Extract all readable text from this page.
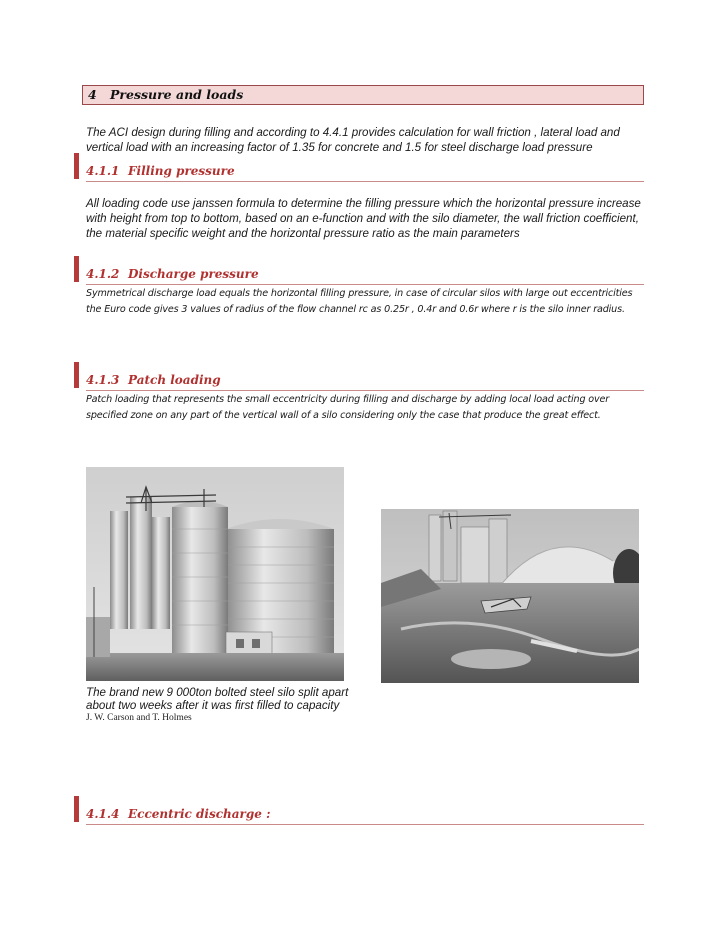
4 Pressure and loads
The ACI design during filling and according to 4.4.1 provides calculation for wall friction , lateral load and vertical load with an increasing factor of 1.35 for concrete and 1.5 for steel discharge load pressure
4.1.1 Filling pressure
All loading code use janssen formula to determine the filling pressure which the horizontal pressure increase with height from top to bottom, based on an e-function and with the silo diameter, the wall friction coefficient, the material specific weight and the horizontal pressure ratio as the main parameters
4.1.2 Discharge pressure
Symmetrical discharge load equals the horizontal filling pressure, in case of circular silos with large out eccentricities the Euro code gives 3 values of radius of the flow channel rc as 0.25r , 0.4r and 0.6r where r is the silo inner radius.
4.1.3 Patch loading
Patch loading that represents the small eccentricity during filling and discharge by adding local load acting over specified zone on any part of the vertical wall of a silo considering only the case that produce the great effect.
The brand new 9 000ton bolted steel silo split apart about two weeks after it was first filled to capacity
J. W. Carson and T. Holmes
4.1.4 Eccentric discharge :
